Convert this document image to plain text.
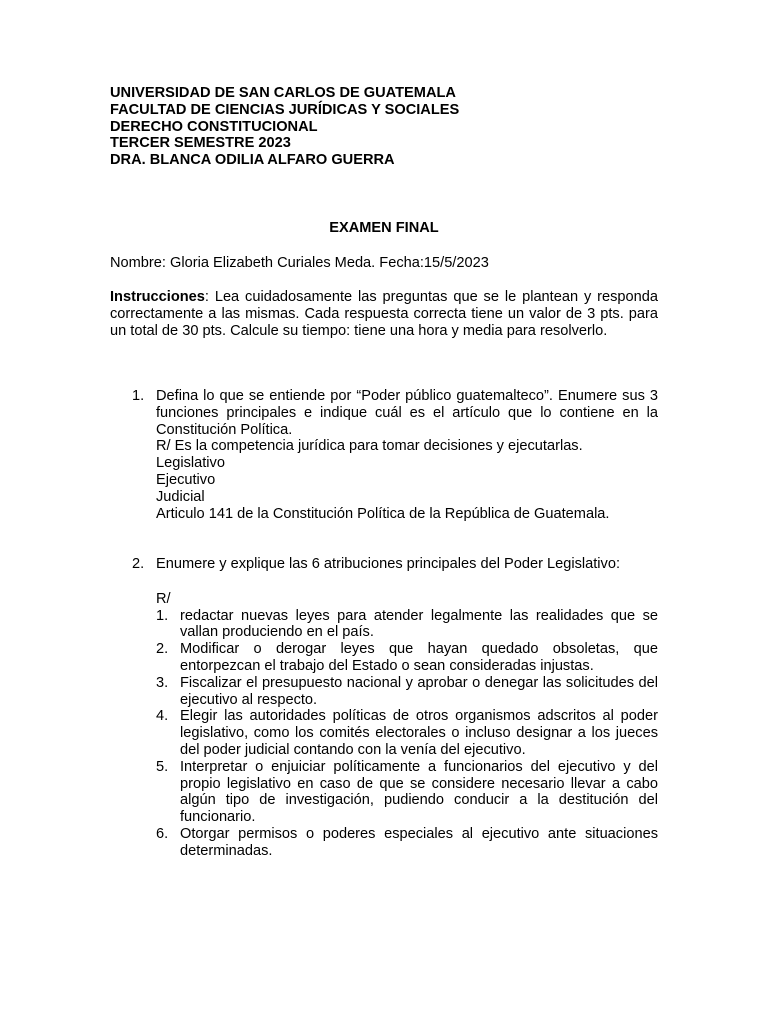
UNIVERSIDAD DE SAN CARLOS DE GUATEMALA
FACULTAD DE CIENCIAS JURÍDICAS Y SOCIALES
DERECHO CONSTITUCIONAL
TERCER SEMESTRE 2023
DRA. BLANCA ODILIA ALFARO GUERRA
EXAMEN FINAL
Nombre: Gloria Elizabeth Curiales Meda. Fecha:15/5/2023
Instrucciones: Lea cuidadosamente las preguntas que se le plantean y responda correctamente a las mismas. Cada respuesta correcta tiene un valor de 3 pts. para un total de 30 pts. Calcule su tiempo: tiene una hora y media para resolverlo.
1. Defina lo que se entiende por “Poder público guatemalteco”. Enumere sus 3 funciones principales e indique cuál es el artículo que lo contiene en la Constitución Política.
R/ Es la competencia jurídica para tomar decisiones y ejecutarlas.
Legislativo
Ejecutivo
Judicial
Articulo 141 de la Constitución Política de la República de Guatemala.
2. Enumere y explique las 6 atribuciones principales del Poder Legislativo:
R/
1. redactar nuevas leyes para atender legalmente las realidades que se vallan produciendo en el país.
2. Modificar o derogar leyes que hayan quedado obsoletas, que entorpezcan el trabajo del Estado o sean consideradas injustas.
3. Fiscalizar el presupuesto nacional y aprobar o denegar las solicitudes del ejecutivo al respecto.
4. Elegir las autoridades políticas de otros organismos adscritos al poder legislativo, como los comités electorales o incluso designar a los jueces del poder judicial contando con la venía del ejecutivo.
5. Interpretar o enjuiciar políticamente a funcionarios del ejecutivo y del propio legislativo en caso de que se considere necesario llevar a cabo algún tipo de investigación, pudiendo conducir a la destitución del funcionario.
6. Otorgar permisos o poderes especiales al ejecutivo ante situaciones determinadas.
